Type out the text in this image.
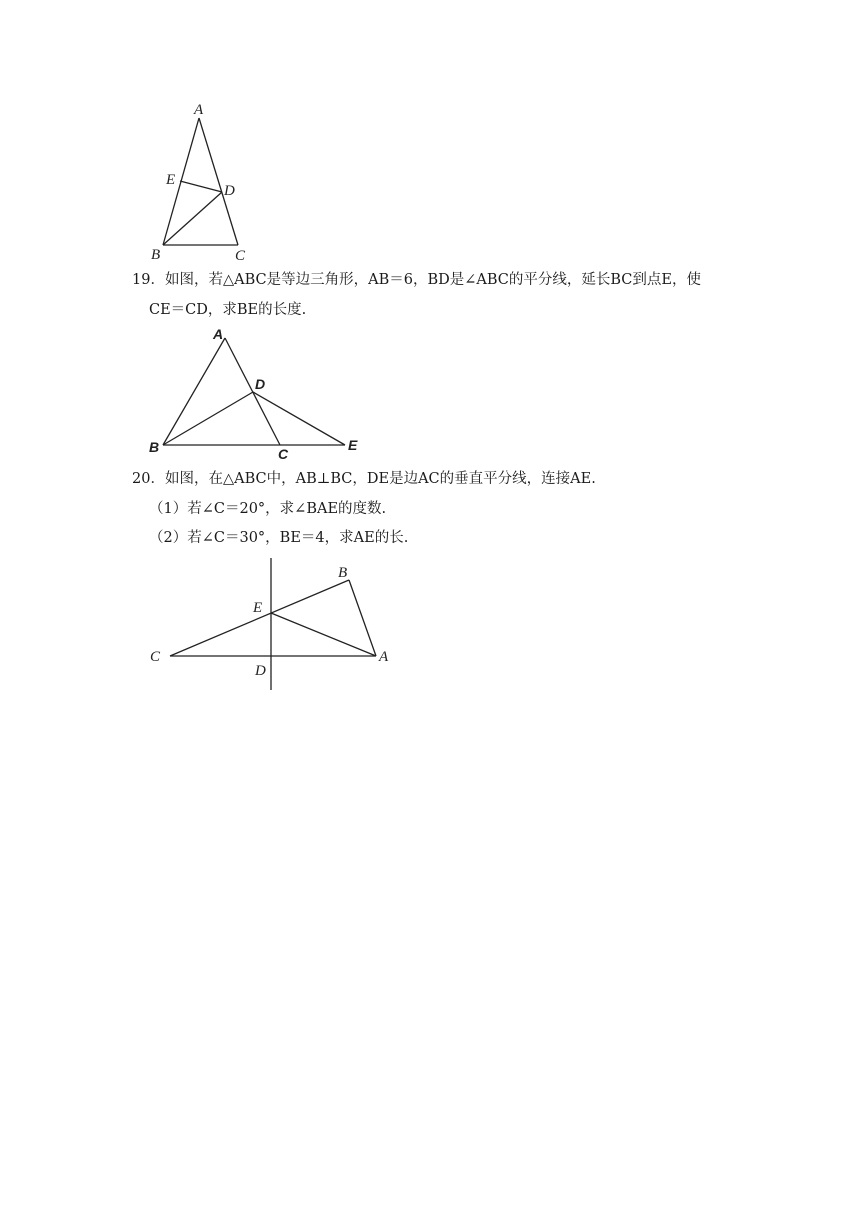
A
E
D
B	C
19．如图，若△ABC是等边三角形，AB＝6，BD是∠ABC的平分线，延长BC到点E，使
CE＝CD，求BE的长度.
A
D
B	C
E
20．如图，在△ABC中，AB⊥BC，DE是边AC的垂直平分线，连接AE.
（1）若∠C＝20°，求∠BAE的度数.
（2）若∠C＝30°，BE＝4，求AE的长.
B
E
C	A
D
